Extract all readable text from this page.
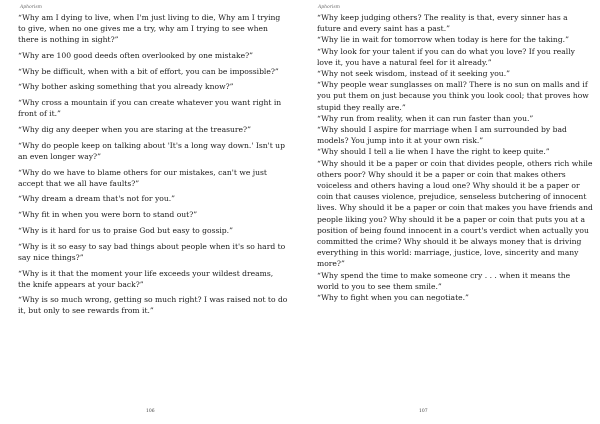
Aphorism

“Why am I dying to live, when I'm just living to die, Why am I trying to give, when no one gives me a try, why am I trying to see when there is nothing in sight?”

“Why are 100 good deeds often overlooked by one mistake?”

“Why be difficult, when with a bit of effort, you can be impossible?”

“Why bother asking something that you already know?”

“Why cross a mountain if you can create whatever you want right in front of it.”

“Why dig any deeper when you are staring at the treasure?”

“Why do people keep on talking about 'It's a long way down.' Isn't up an even longer way?”

“Why do we have to blame others for our mistakes, can't we just accept that we all have faults?”

“Why dream a dream that's not for you.”

“Why fit in when you were born to stand out?”

“Why is it hard for us to praise God but easy to gossip.”

“Why is it so easy to say bad things about people when it's so hard to say nice things?”

“Why is it that the moment your life exceeds your wildest dreams, the knife appears at your back?”

“Why is so much wrong, getting so much right? I was raised not to do it, but only to see rewards from it.”

106
Aphorism

“Why keep judging others? The reality is that, every sinner has a future and every saint has a past.”

“Why lie in wait for tomorrow when today is here for the taking.”

“Why look for your talent if you can do what you love? If you really love it, you have a natural feel for it already.”

“Why not seek wisdom, instead of it seeking you.”

“Why people wear sunglasses on mall? There is no sun on malls and if you put them on just because you think you look cool; that proves how stupid they really are.”

“Why run from reality, when it can run faster than you.”

“Why should I aspire for marriage when I am surrounded by bad models? You jump into it at your own risk.”

“Why should I tell a lie when I have the right to keep quite.”

“Why should it be a paper or coin that divides people, others rich while others poor? Why should it be a paper or coin that makes others voiceless and others having a loud one? Why should it be a paper or coin that causes violence, prejudice, senseless butchering of innocent lives. Why should it be a paper or coin that makes you have friends and people liking you? Why should it be a paper or coin that puts you at a position of being found innocent in a court's verdict when actually you committed the crime? Why should it be always money that is driving everything in this world: marriage, justice, love, sincerity and many more?”

“Why spend the time to make someone cry . . . when it means the world to you to see them smile.”

“Why to fight when you can negotiate.”

107
